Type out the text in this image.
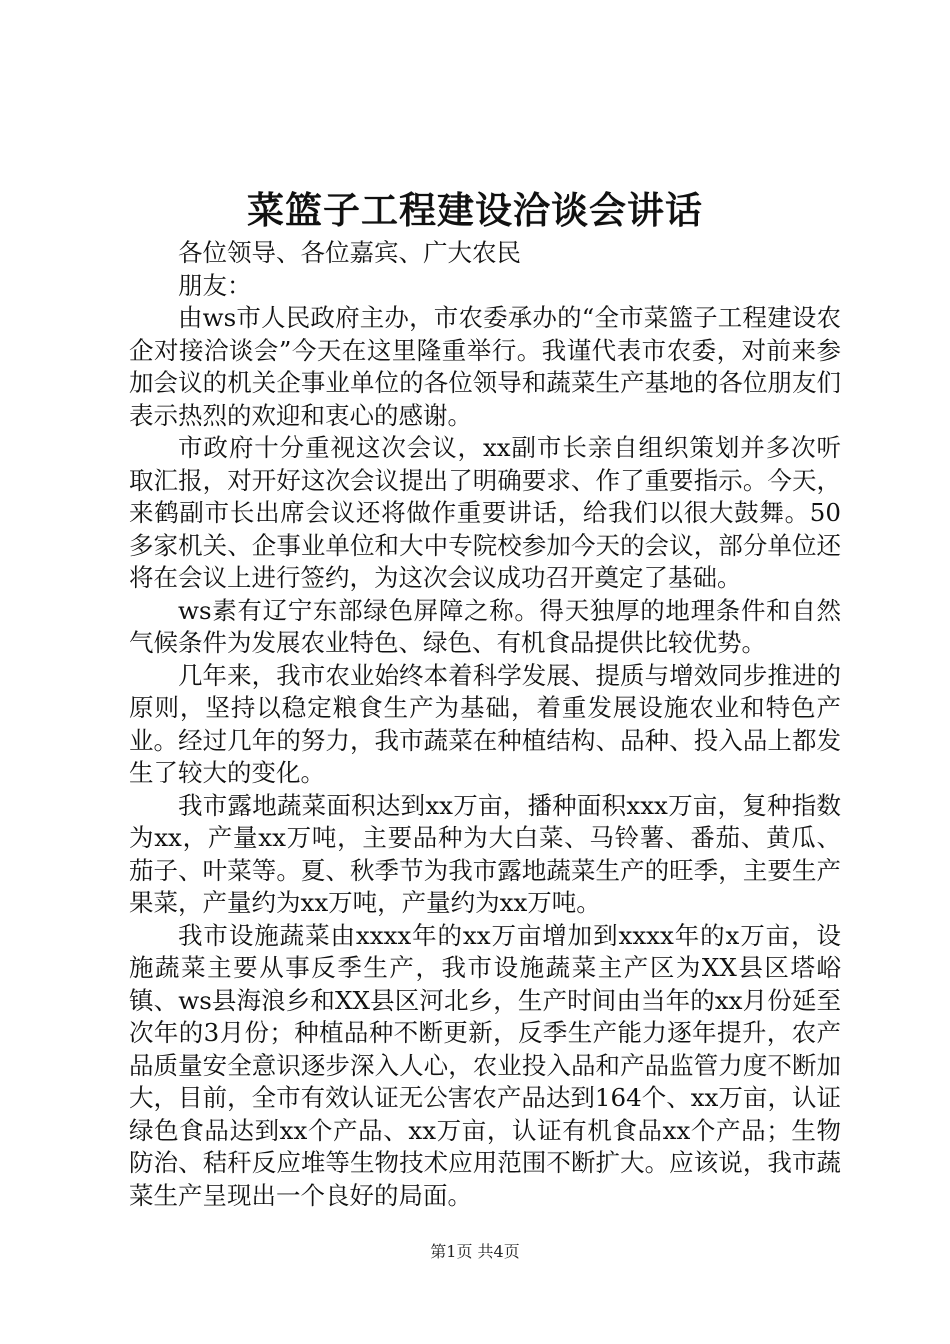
菜篮子工程建设洽谈会讲话

各位领导、各位嘉宾、广大农民

朋友：

由ws市人民政府主办，市农委承办的“全市菜篮子工程建设农企对接洽谈会”今天在这里隆重举行。我谨代表市农委，对前来参加会议的机关企事业单位的各位领导和蔬菜生产基地的各位朋友们表示热烈的欢迎和衷心的感谢。

市政府十分重视这次会议，xx副市长亲自组织策划并多次听取汇报，对开好这次会议提出了明确要求、作了重要指示。今天，来鹤副市长出席会议还将做作重要讲话，给我们以很大鼓舞。50多家机关、企事业单位和大中专院校参加今天的会议，部分单位还将在会议上进行签约，为这次会议成功召开奠定了基础。

ws素有辽宁东部绿色屏障之称。得天独厚的地理条件和自然气候条件为发展农业特色、绿色、有机食品提供比较优势。

几年来，我市农业始终本着科学发展、提质与增效同步推进的原则，坚持以稳定粮食生产为基础，着重发展设施农业和特色产业。经过几年的努力，我市蔬菜在种植结构、品种、投入品上都发生了较大的变化。

我市露地蔬菜面积达到xx万亩，播种面积xxx万亩，复种指数为xx，产量xx万吨，主要品种为大白菜、马铃薯、番茄、黄瓜、茄子、叶菜等。夏、秋季节为我市露地蔬菜生产的旺季，主要生产果菜，产量约为xx万吨，产量约为xx万吨。

我市设施蔬菜由xxxx年的xx万亩增加到xxxx年的x万亩，设施蔬菜主要从事反季生产，我市设施蔬菜主产区为XX县区塔峪镇、ws县海浪乡和XX县区河北乡，生产时间由当年的xx月份延至次年的3月份；种植品种不断更新，反季生产能力逐年提升，农产品质量安全意识逐步深入人心，农业投入品和产品监管力度不断加大，目前，全市有效认证无公害农产品达到164个、xx万亩，认证绿色食品达到xx个产品、xx万亩，认证有机食品xx个产品；生物防治、秸秆反应堆等生物技术应用范围不断扩大。应该说，我市蔬菜生产呈现出一个良好的局面。

第1页 共4页
